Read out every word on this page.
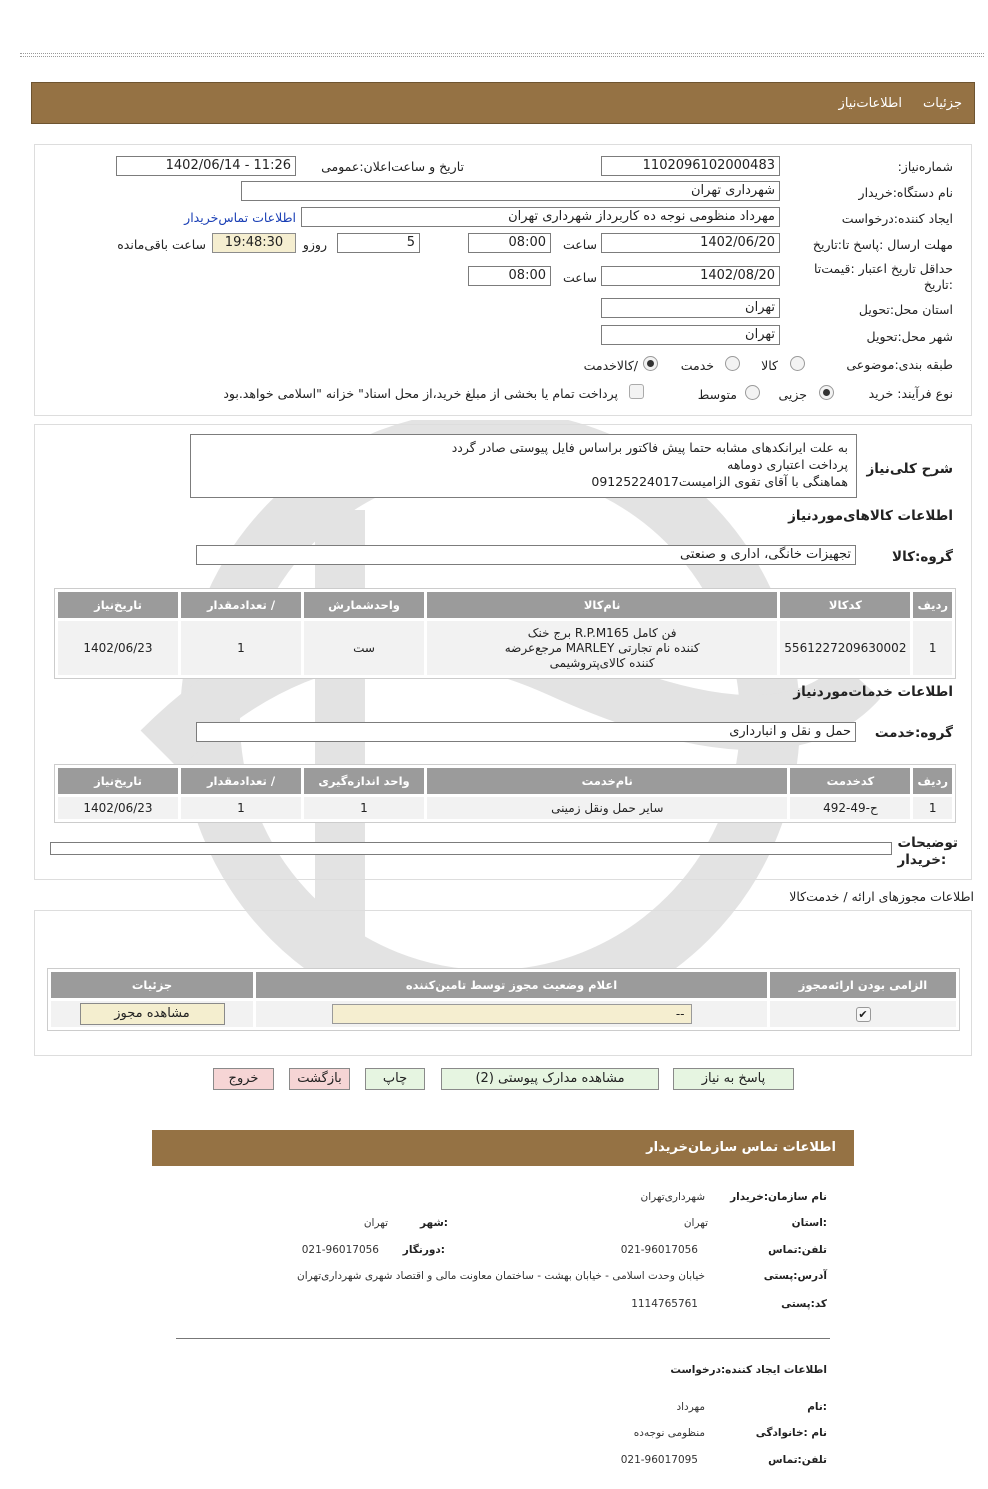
جزئیات
اطلاعات‌نیاز
شماره‌نیاز:
1102096102000483
تاریخ و ساعت‌اعلان‌:عمومی
1402/06/14 - 11:26
نام دستگاه‌:خریدار
شهرداری تهران
ایجاد کننده:درخواست
مهرداد منظومی نوجه ده کاربرداز شهرداری تهران
اطلاعات تماس‌خریدار
مهلت ارسال :پاسخ تا:تاریخ
1402/06/20
ساعت
08:00
5
روزو
19:48:30
ساعت باقی‌مانده
حداقل تاریخ اعتبار :قیمت‌تا :تاریخ
1402/08/20
ساعت
08:00
استان محل:تحویل
تهران
شهر محل:تحویل
تهران
طبقه بندی:موضوعی
کالا
خدمت
/کالاخدمت
نوع فرآیند: خرید
جزیی
متوسط
پرداخت تمام یا بخشی از مبلغ خرید،از محل اسناد" خزانه "اسلامی خواهد.بود
شرح کلی‌نیاز
به علت ایرانکدهای مشابه حتما پیش فاکتور براساس فایل پیوستی صادر گردد
پرداخت اعتباری دوماهه
هماهنگی با آقای تقوی الزامیست09125224017
اطلاعات کالاهای‌موردنیاز
گروه‌:کالا
تجهیزات خانگی، اداری و صنعتی
ردیف	کدکالا	نام‌کالا	واحدشمارش	/ تعدادمقدار	تاریخ‌نیاز
1	5561227209630002	فن کامل R.P.M165 برج خنک
کننده نام تجارتی MARLEY مرجع‌عرضه
کننده کالای‌پتروشیمی	ست	1	1402/06/23
اطلاعات خدمات‌موردنیاز
گروه‌:خدمت
حمل و نقل و انبارداری
ردیف	کدخدمت	نام‌خدمت	واحد اندازه‌گیری	/ تعدادمقدار	تاریخ‌نیاز
1	ح-49-492	سایر حمل ونقل زمینی	1	1	1402/06/23
توضیحات
:خریدار
اطلاعات مجوزهای ارائه / خدمت‌کالا
الزامی بودن ارائه‌مجوز	اعلام وضعیت مجوز توسط تامین‌کننده	جزئیات
✔	--	مشاهده مجوز
پاسخ به نیاز
مشاهده مدارک پیوستی (2)
چاپ
بازگشت
خروج
اطلاعات تماس سازمان‌خریدار
نام سازمان:خریدار
شهرداری‌تهران
:استان
تهران
:شهر
تهران
تلفن:تماس
021-96017056
:دورنگار
021-96017056
آدرس:پستی
خیابان وحدت اسلامی - خیابان بهشت - ساختمان معاونت مالی و اقتصاد شهری شهرداری‌تهران
کد:پستی
1114765761
اطلاعات ایجاد کننده:درخواست
:نام
مهرداد
نام :خانوادگی
منظومی نوجه‌ده
تلفن:تماس
021-96017095
